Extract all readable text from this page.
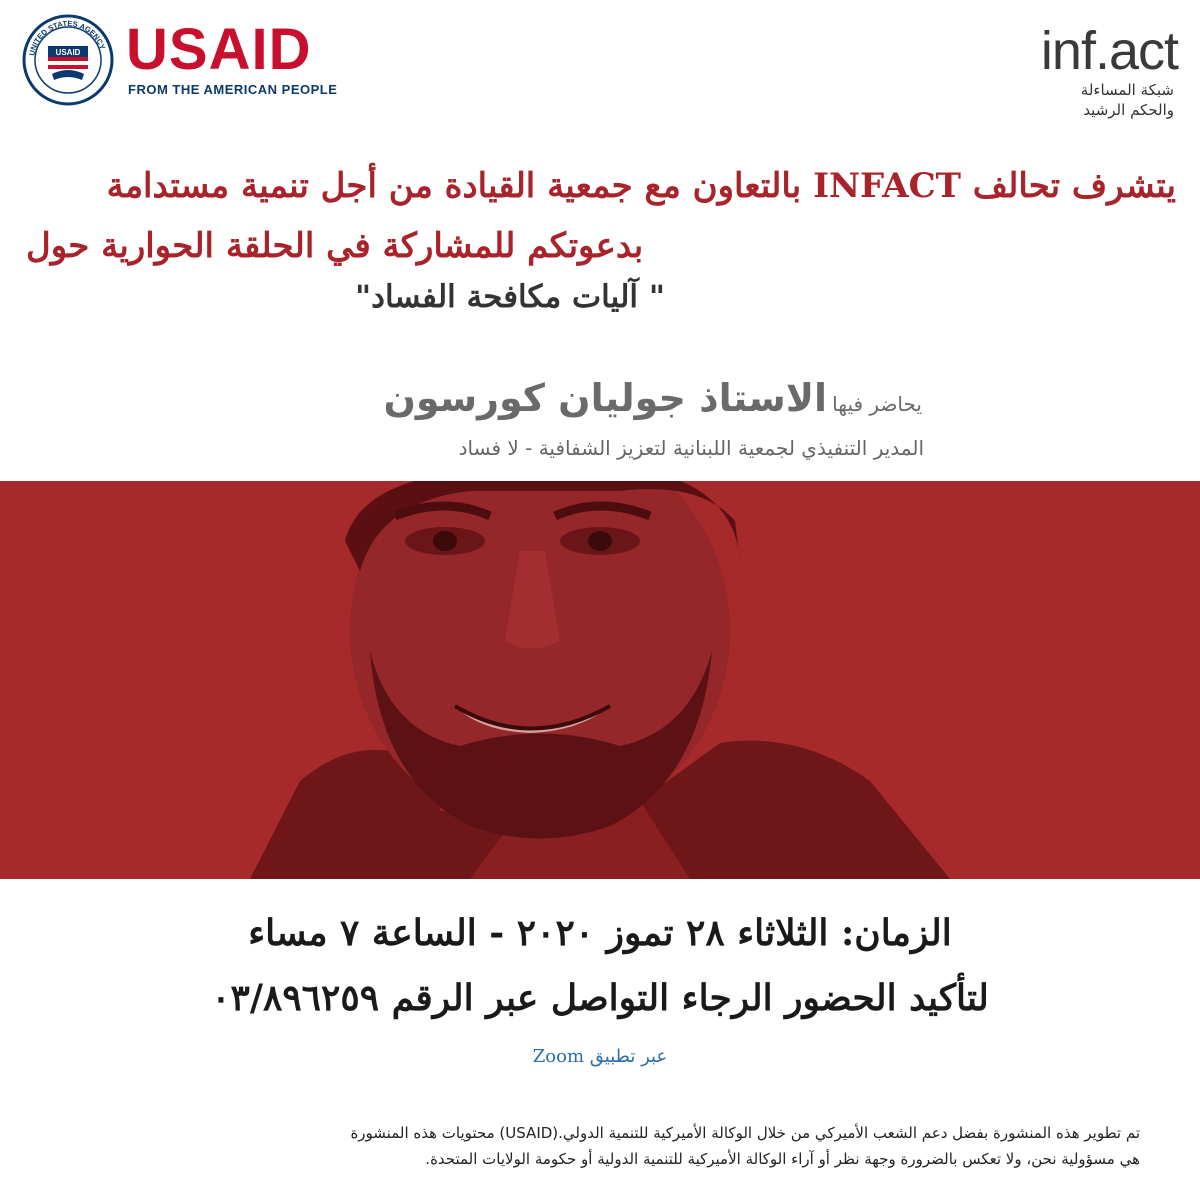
UNITED STATES AGENCY
USAID USAID
FROM THE AMERICAN PEOPLE
inf.act
شبكة المساءلة
والحكم الرشيد
يتشرف تحالف INFACT بالتعاون مع جمعية القيادة من أجل تنمية مستدامة
بدعوتكم للمشاركة في الحلقة الحوارية حول
" آليات مكافحة الفساد"
يحاضر فيها الاستاذ جوليان كورسون
المدير التنفيذي لجمعية اللبنانية لتعزيز الشفافية - لا فساد
الزمان: الثلاثاء ٢٨ تموز ٢٠٢٠ - الساعة ٧ مساء
لتأكيد الحضور الرجاء التواصل عبر الرقم ٠٣/٨٩٦٢٥٩
عبر تطبيق Zoom
تم تطوير هذه المنشورة بفضل دعم الشعب الأميركي من خلال الوكالة الأميركية للتنمية الدولي.(USAID) محتويات هذه المنشورة
هي مسؤولية نحن، ولا تعكس بالضرورة وجهة نظر أو آراء الوكالة الأميركية للتنمية الدولية أو حكومة الولايات المتحدة.
